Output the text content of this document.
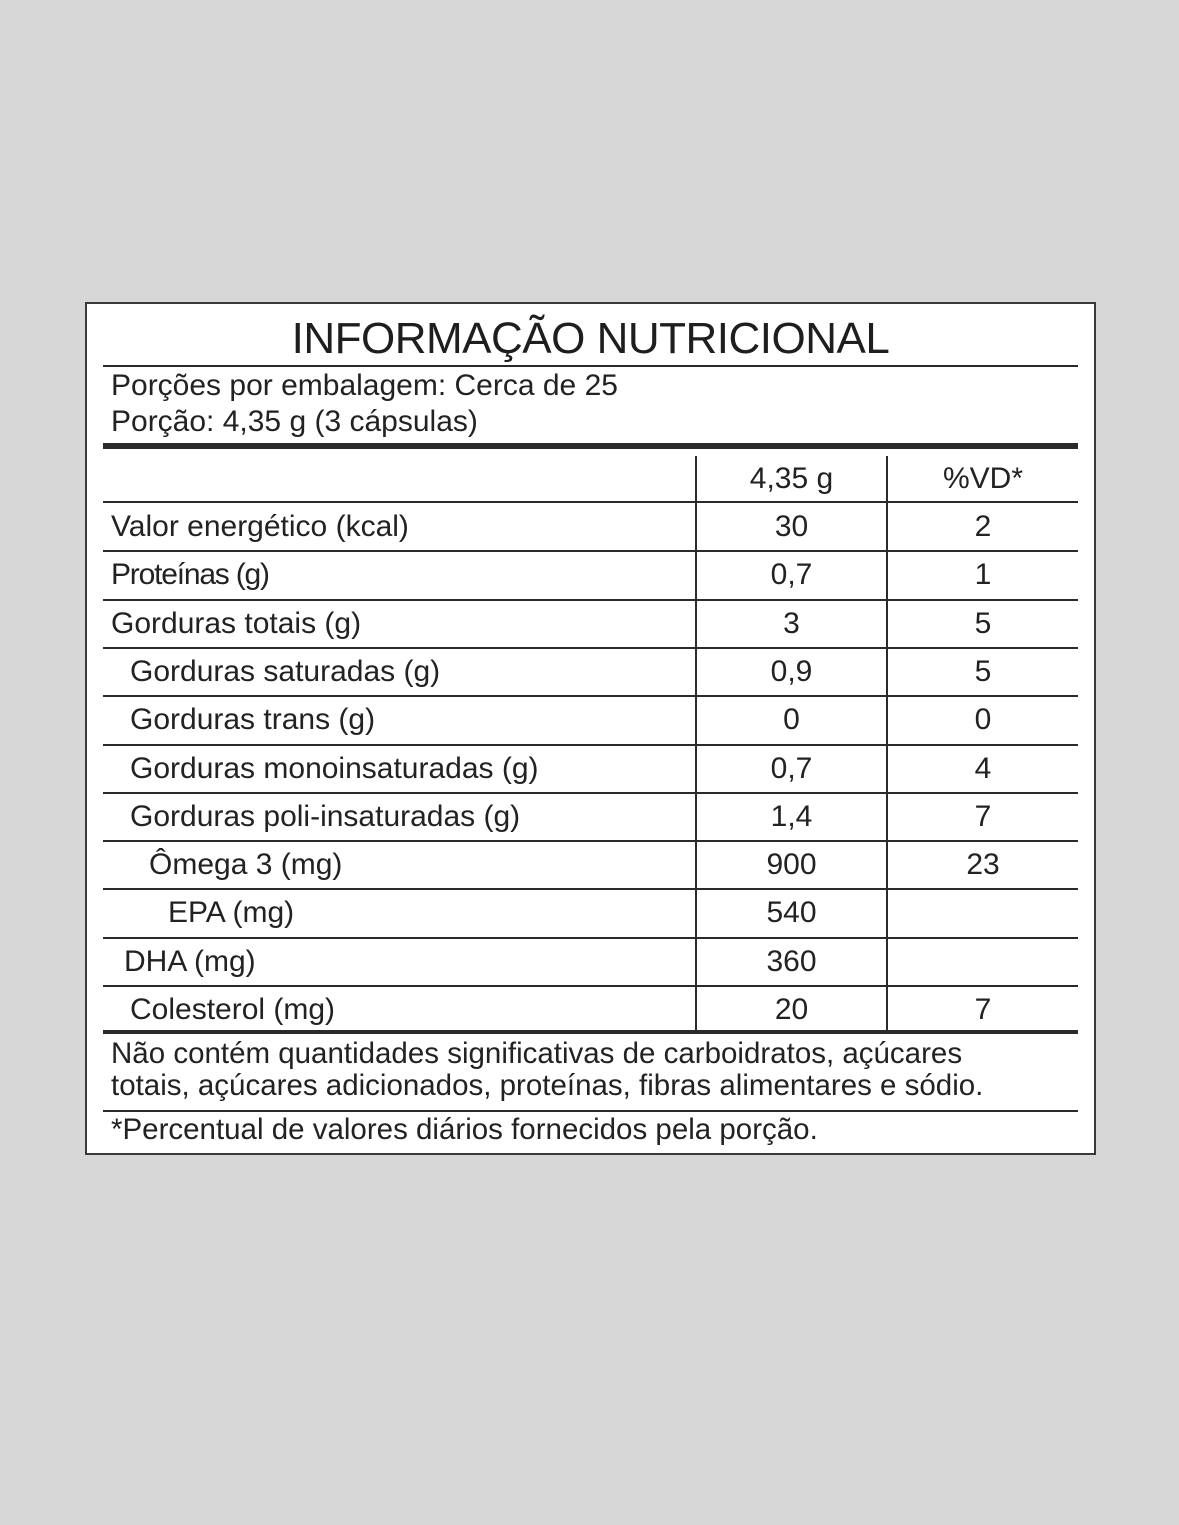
INFORMAÇÃO NUTRICIONAL
Porções por embalagem: Cerca de 25
Porção: 4,35 g (3 cápsulas)
4,35 g	%VD*
Valor energético (kcal)	30	2
Proteínas (g)	0,7	1
Gorduras totais (g)	3	5
Gorduras saturadas (g)	0,9	5
Gorduras trans (g)	0	0
Gorduras monoinsaturadas (g)	0,7	4
Gorduras poli-insaturadas (g)	1,4	7
Ômega 3 (mg)	900	23
EPA (mg)	540
DHA (mg)	360
Colesterol (mg)	20	7
Não contém quantidades significativas de carboidratos, açúcares
totais, açúcares adicionados, proteínas, fibras alimentares e sódio.
*Percentual de valores diários fornecidos pela porção.
